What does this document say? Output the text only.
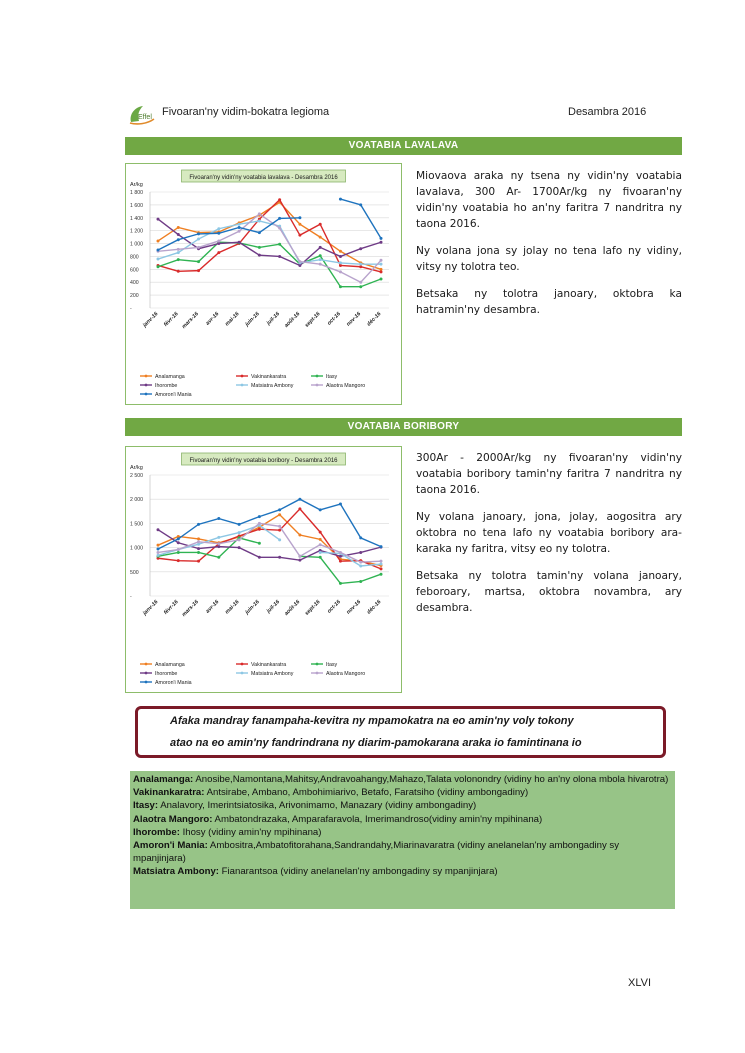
Effel Fivoaran'ny vidim-bokatra legioma	Desambra 2016
VOATABIA LAVALAVA
Fivoaran'ny vidin'ny voatabia lavalava - Desambra 2016
Ar/kg
-
200
400
600
800
1 000
1 200
1 400
1 600
1 800
janv-16 févr-16 mars-16 avr-16 mai-16 juin-16 juil-16 août-16 sept-16 oct-16 nov-16 déc-16
Analamanga	Vakinankaratra	Itasy
Ihorombe	Matsiatra Ambony	Alaotra Mangoro
Amoron'i Mania

Miovaova araka ny tsena ny vidin'ny voatabia lavalava, 300 Ar- 1700Ar/kg ny fivoaran'ny vidin'ny voatabia ho an'ny faritra 7 nandritra ny taona 2016.

Ny volana jona sy jolay no tena lafo ny vidiny, vitsy ny tolotra teo.

Betsaka ny tolotra janoary, oktobra ka hatramin'ny desambra.

VOATABIA BORIBORY
Fivoaran'ny vidin'ny voatabia boribory - Desambra 2016
Ar/kg
-
500
1 000
1 500
2 000
2 500
janv-16 févr-16 mars-16 avr-16 mai-16 juin-16 juil-16 août-16 sept-16 oct-16 nov-16 déc-16
Analamanga	Vakinankaratra	Itasy
Ihorombe	Matsiatra Ambony	Alaotra Mangoro
Amoron'i Mania

300Ar - 2000Ar/kg ny fivoaran'ny vidin'ny voatabia boribory tamin'ny faritra 7 nandritra ny taona 2016.

Ny volana janoary, jona, jolay, aogositra ary oktobra no tena lafo ny voatabia boribory ara-karaka ny faritra, vitsy eo ny tolotra.

Betsaka ny tolotra tamin'ny volana janoary, feboroary, martsa, oktobra novambra, ary desambra.

Afaka mandray fanampaha-kevitra ny mpamokatra na eo amin'ny voly tokony
atao na eo amin'ny fandrindrana ny diarim-pamokarana araka io famintinana io
Analamanga: Anosibe,Namontana,Mahitsy,Andravoahangy,Mahazo,Talata volonondry (vidiny ho an'ny olona mbola hivarotra)
Vakinankaratra: Antsirabe, Ambano, Ambohimiarivo, Betafo, Faratsiho (vidiny ambongadiny)
Itasy: Analavory, Imerintsiatosika, Arivonimamo, Manazary (vidiny ambongadiny)
Alaotra Mangoro: Ambatondrazaka, Amparafaravola, Imerimandroso(vidiny amin'ny mpihinana)
Ihorombe: Ihosy (vidiny amin'ny mpihinana)
Amoron'i Mania: Ambositra,Ambatofitorahana,Sandrandahy,Miarinavaratra (vidiny anelanelan'ny ambongadiny sy mpanjinjara)
Matsiatra Ambony: Fianarantsoa (vidiny anelanelan'ny ambongadiny sy mpanjinjara)
XLVI
